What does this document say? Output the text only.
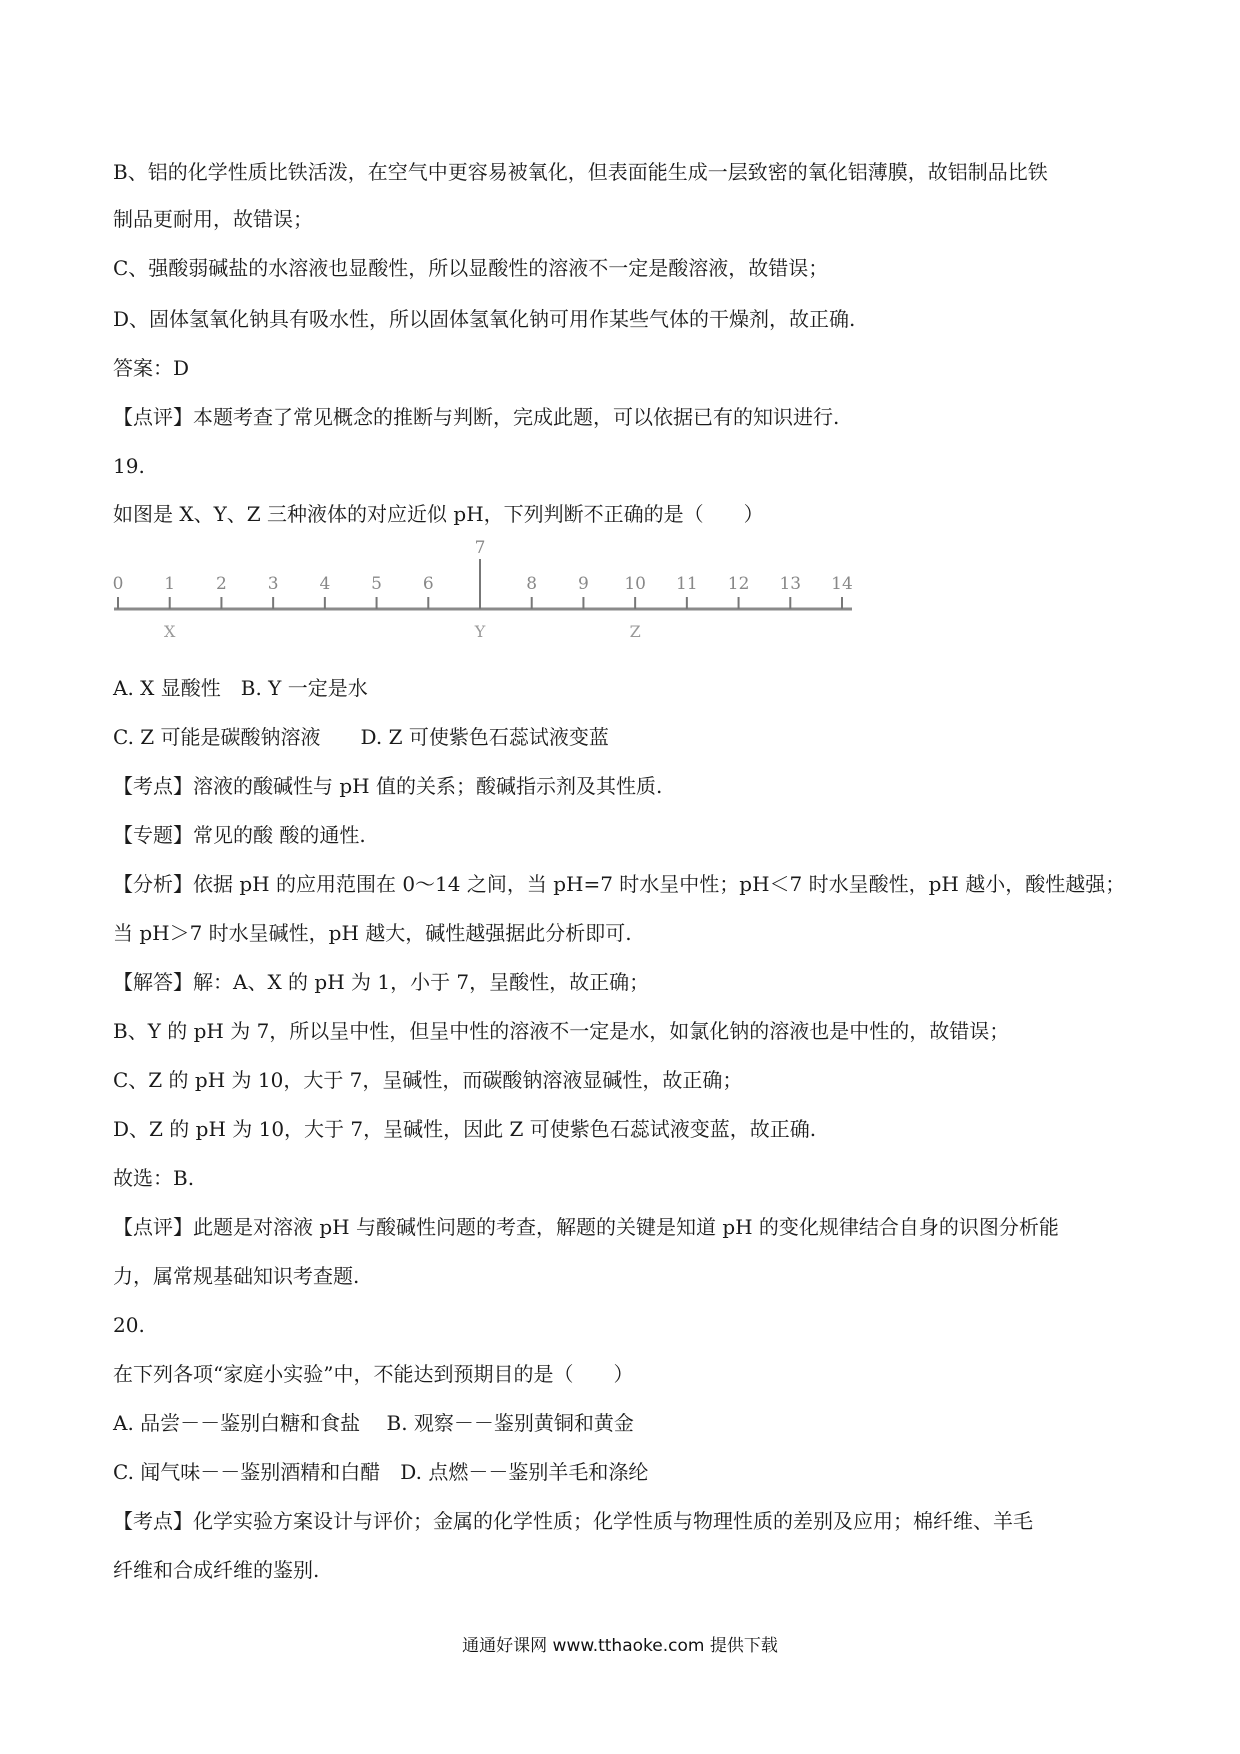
B、铝的化学性质比铁活泼，在空气中更容易被氧化，但表面能生成一层致密的氧化铝薄膜，故铝制品比铁
制品更耐用，故错误；
C、强酸弱碱盐的水溶液也显酸性，所以显酸性的溶液不一定是酸溶液，故错误；
D、固体氢氧化钠具有吸水性，所以固体氢氧化钠可用作某些气体的干燥剂，故正确.
答案：D
【点评】本题考查了常见概念的推断与判断，完成此题，可以依据已有的知识进行.
19.
如图是 X、Y、Z 三种液体的对应近似 pH，下列判断不正确的是（　　）
0 1 2 3 4 5 6
7
8 9 10 11 12 13 14
X	Y	Z
A. X 显酸性　B. Y 一定是水
C. Z 可能是碳酸钠溶液　　D. Z 可使紫色石蕊试液变蓝
【考点】溶液的酸碱性与 pH 值的关系；酸碱指示剂及其性质.
【专题】常见的酸 酸的通性.
【分析】依据 pH 的应用范围在 0～14 之间，当 pH=7 时水呈中性；pH＜7 时水呈酸性，pH 越小，酸性越强；
当 pH＞7 时水呈碱性，pH 越大，碱性越强据此分析即可.
【解答】解：A、X 的 pH 为 1，小于 7，呈酸性，故正确；
B、Y 的 pH 为 7，所以呈中性，但呈中性的溶液不一定是水，如氯化钠的溶液也是中性的，故错误；
C、Z 的 pH 为 10，大于 7，呈碱性，而碳酸钠溶液显碱性，故正确；
D、Z 的 pH 为 10，大于 7，呈碱性，因此 Z 可使紫色石蕊试液变蓝，故正确.
故选：B.
【点评】此题是对溶液 pH 与酸碱性问题的考查，解题的关键是知道 pH 的变化规律结合自身的识图分析能
力，属常规基础知识考查题.
20.
在下列各项“家庭小实验”中，不能达到预期目的是（　　）
A. 品尝－－鉴别白糖和食盐　 B. 观察－－鉴别黄铜和黄金
C. 闻气味－－鉴别酒精和白醋　D. 点燃－－鉴别羊毛和涤纶
【考点】化学实验方案设计与评价；金属的化学性质；化学性质与物理性质的差别及应用；棉纤维、羊毛
纤维和合成纤维的鉴别.
通通好课网 www.tthaoke.com 提供下载
